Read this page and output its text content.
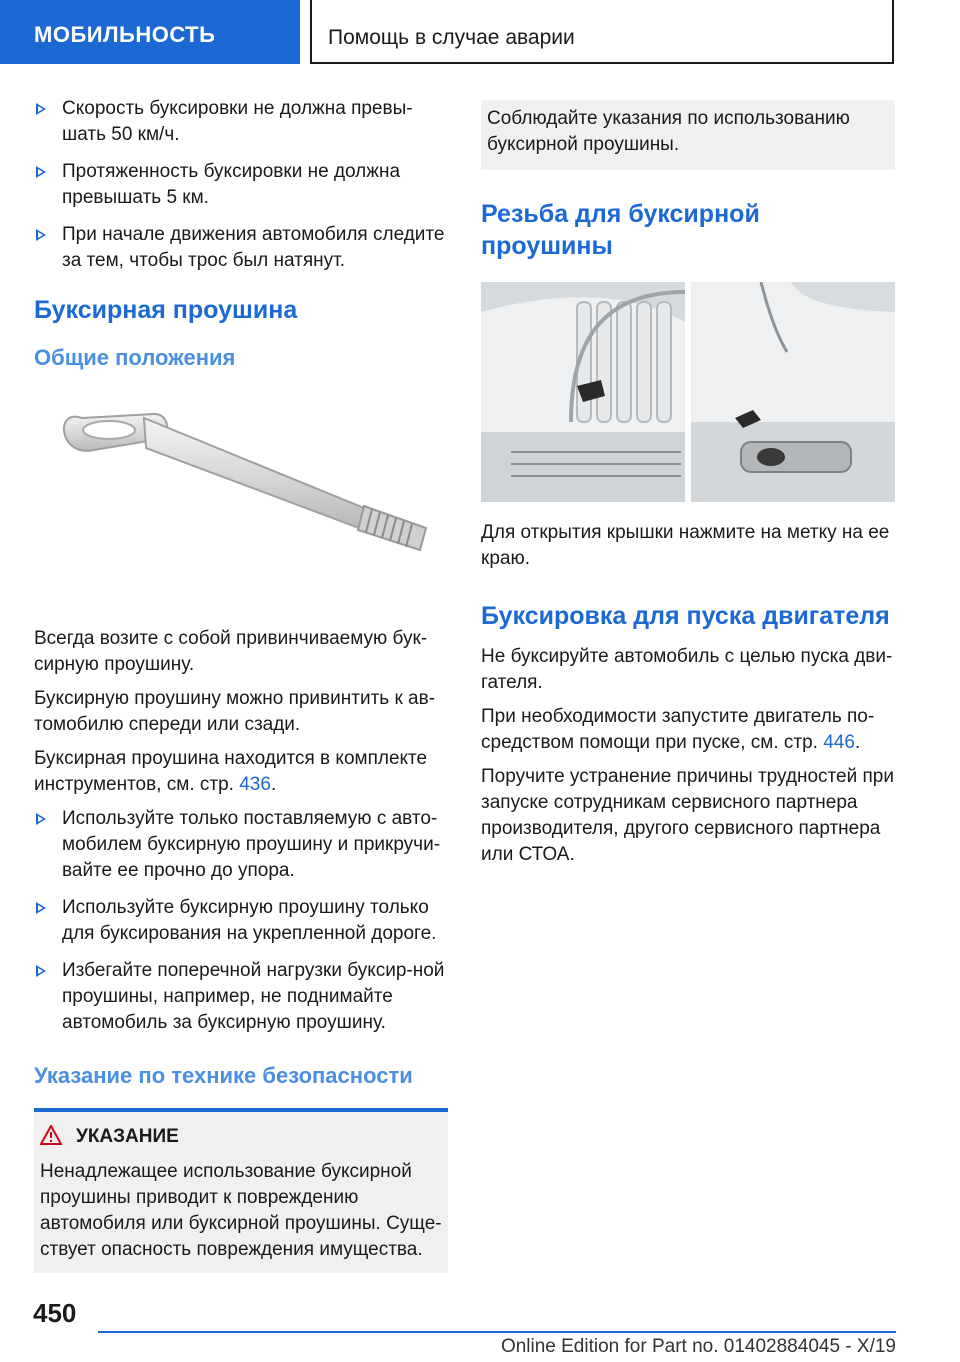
МОБИЛЬНОСТЬ	Помощь в случае аварии
Скорость буксировки не должна превы-шать 50 км/ч.
Протяженность буксировки не должна превышать 5 км.
При начале движения автомобиля следите за тем, чтобы трос был натянут.
Буксирная проушина
Общие положения

Всегда возите с собой привинчиваемую бук-сирную проушину.

Буксирную проушину можно привинтить к ав-томобилю спереди или сзади.

Буксирная проушина находится в комплекте инструментов, см. стр. 436.

Используйте только поставляемую с авто-мобилем буксирную проушину и прикручи-вайте ее прочно до упора.
Используйте буксирную проушину только для буксирования на укрепленной дороге.
Избегайте поперечной нагрузки буксир-ной проушины, например, не поднимайте автомобиль за буксирную проушину.
Указание по технике безопасности
УКАЗАНИЕ
Ненадлежащее использование буксирной проушины приводит к повреждению автомобиля или буксирной проушины. Суще-ствует опасность повреждения имущества.
Соблюдайте указания по использованию буксирной проушины.
Резьба для буксирной проушины

Для открытия крышки нажмите на метку на ее краю.

Буксировка для пуска двигателя

Не буксируйте автомобиль с целью пуска дви-гателя.

При необходимости запустите двигатель по-средством помощи при пуске, см. стр. 446.

Поручите устранение причины трудностей при запуске сотрудникам сервисного партнера производителя, другого сервисного партнера или СТОА.

450
Online Edition for Part no. 01402884045 - X/19
